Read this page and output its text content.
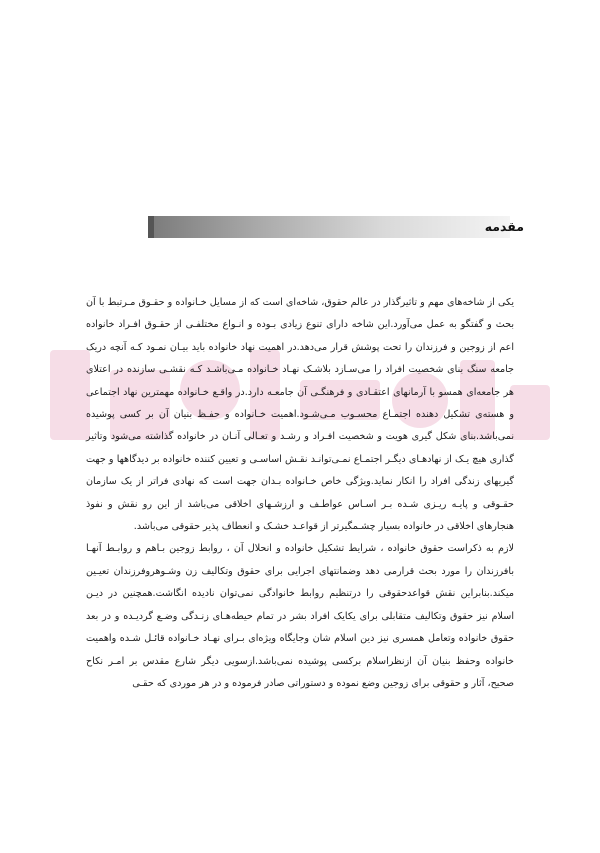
مقدمه

یکی از شاخه‌های مهم و تاثیرگذار در عالم حقوق، شاخه‌ای است که از مسایل خـانواده و حقـوق مـرتبط با آن بحث و گفتگو به عمل می‌آورد.این شاخه دارای تنوع زیادی بـوده و انـواع مختلفـی از حقـوق افـراد خانواده اعم از زوجین و فرزندان را تحت پوشش قرار می‌دهد.در اهمیت نهاد خانواده باید بیـان نمـود کـه آنچه دریک جامعه سنگ بنای شخصیت افراد را می‌سـازد بلاشـک نهـاد خـانواده مـی‌باشـد کـه نقشـی سازنده در اعتلای هر جامعه‌ای همسو با آرمانهای اعتقـادی و فرهنگـی آن جامعـه دارد.در واقـع خـانواده مهمترین نهاد اجتماعی و هسته‌ی تشکیل دهنده اجتمـاع محسـوب مـی‌شـود.اهمیت خـانواده و حفـظ بنیان آن بر کسی پوشیده نمی‌باشد.بنای شکل گیری هویت و شخصیت افـراد و رشـد و تعـالی آنـان در خانواده گذاشته می‌شود وتاثیر گذاری هیچ یـک از نهادهـای دیگـر اجتمـاع نمـی‌توانـد نقـش اساسـی و تعیین کننده خانواده بر دیدگاهها و جهت گیریهای زندگی افراد را انکار نماید.ویژگی خاص خـانواده بـدان جهت است که نهادی فراتر از یک سازمان حقـوقی و پایـه ریـزی شـده بـر اسـاس عواطـف و ارزشـهای اخلاقی می‌باشد از این رو نقش و نفوذ هنجارهای اخلاقی در خانواده بسیار چشـمگیرتر از قواعـد خشـک و انعطاف پذیر حقوقی می‌باشد.

لازم به ذکراست حقوق خانواده ، شرایط تشکیل خانواده و انحلال آن ، روابط زوجین بـاهم و روابـط آنهـا بافرزندان را مورد بحث قرارمی دهد وضمانتهای اجرایی برای حقوق وتکالیف زن وشـوهروفرزندان تعیـین میکند.بنابراین نقش قواعدحقوقی را درتنظیم روابط خانوادگی نمی‌توان نادیده انگاشت.همچنین در دیـن اسلام نیز حقوق وتکالیف متقابلی برای یکایک افراد بشر در تمام حیطه‌هـای زنـدگی وضـع گردیـده و در بعد حقوق خانواده وتعامل همسری نیز دین اسلام شان وجایگاه ویژه‌ای بـرای نهـاد خـانواده قائـل شـده واهمیت خانواده وحفظ بنیان آن ازنظراسلام برکسی پوشیده نمی‌باشد.ازسویی دیگر شارع مقدس بر امـر نکاح صحیح، آثار و حقوقی برای زوجین وضع نموده و دستوراتی صادر فرموده و در هر موردی که حقـی
